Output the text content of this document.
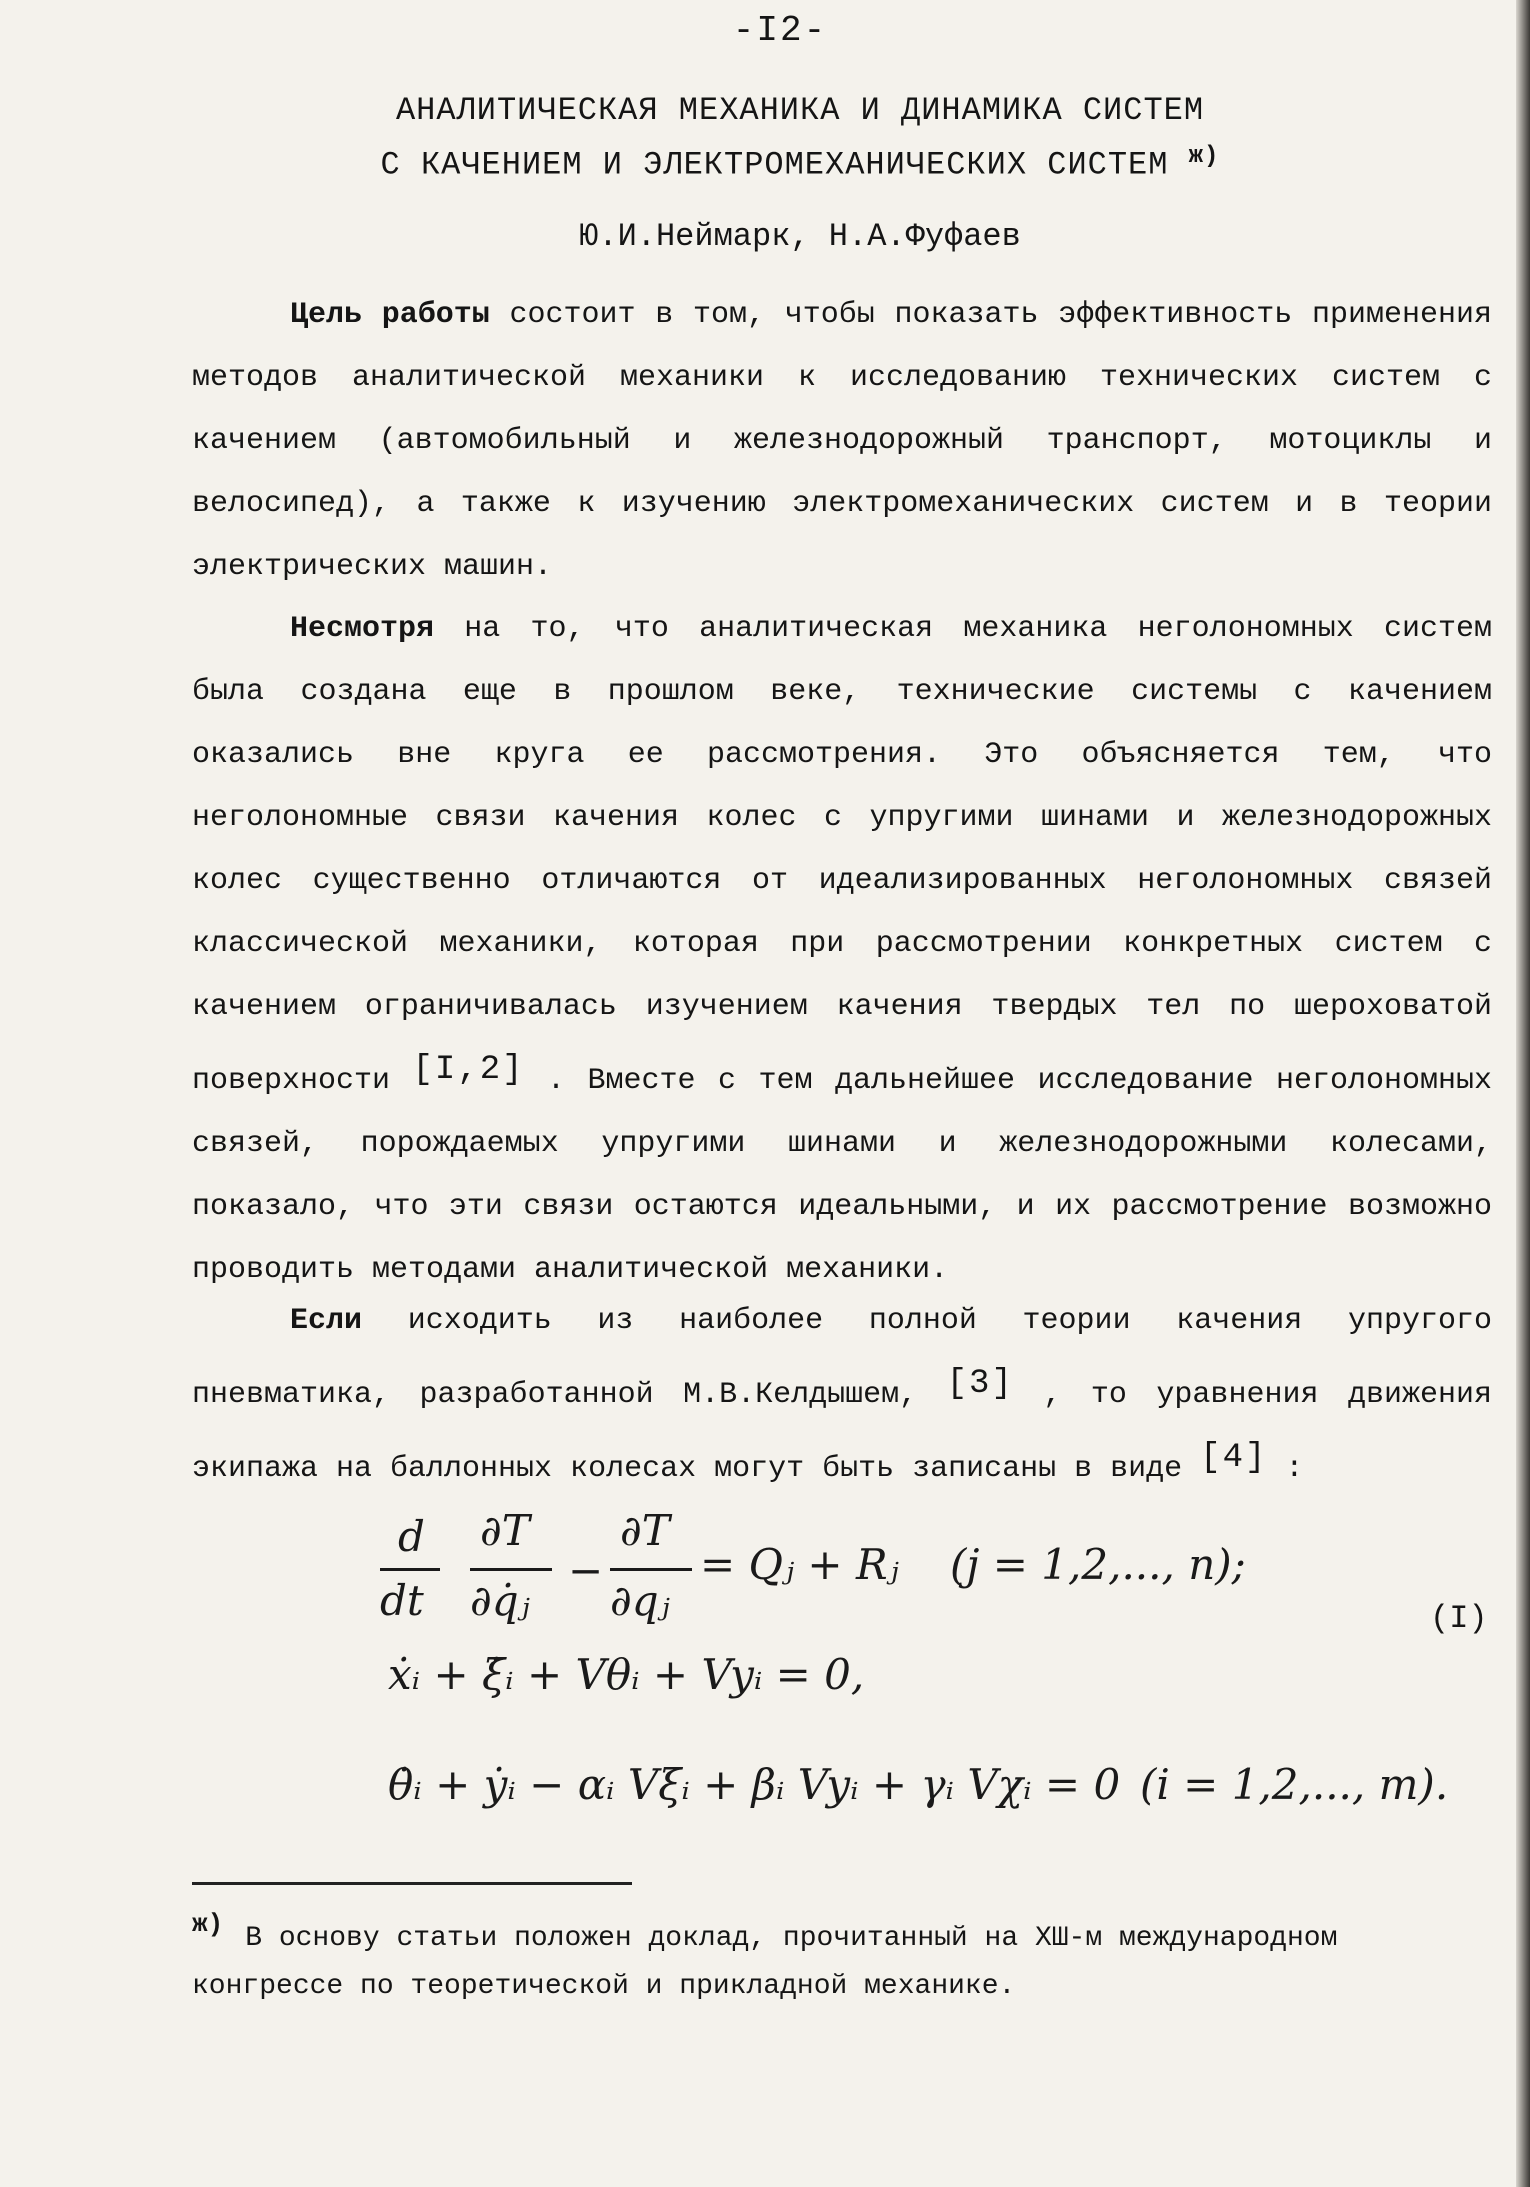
-I2-
АНАЛИТИЧЕСКАЯ МЕХАНИКА И ДИНАМИКА СИСТЕМ
С КАЧЕНИЕМ И ЭЛЕКТРОМЕХАНИЧЕСКИХ СИСТЕМ $^{ж)}$
Ю.И.Неймарк, Н.А.Фуфаев

Цель работы состоит в том, чтобы показать эффективность применения методов аналитической механики к исследованию технических систем с качением (автомобильный и железнодорожный транспорт, мотоциклы и велосипед), а также к изучению электромеханических систем и в теории электрических машин.

Несмотря на то, что аналитическая механика неголономных систем была создана еще в прошлом веке, технические системы с качением оказались вне круга ее рассмотрения. Это объясняется тем, что неголономные связи качения колес с упругими шинами и железнодорожных колес существенно отличаются от идеализированных неголономных связей классической механики, которая при рассмотрении конкретных систем с качением ограничивалась изучением качения твердых тел по шероховатой поверхности [I,2] . Вместе с тем дальнейшее исследование неголономных связей, порождаемых упругими шинами и железнодорожными колесами, показало, что эти связи остаются идеальными, и их рассмотрение возможно проводить методами аналитической механики.

Если исходить из наиболее полной теории качения упругого пневматика, разработанной М.В.Келдышем, [3] , то уравнения движения экипажа на баллонных колесах могут быть записаны в виде [4] :

d
dt
∂T
∂q̇ⱼ
−
∂T
∂qⱼ
= Qⱼ + Rⱼ (j = 1,2,..., n);
(I)
ẋᵢ + ξ̇ᵢ + Vθᵢ + Vyᵢ = 0,
θ̇ᵢ + ẏᵢ − αᵢ Vξᵢ + βᵢ Vyᵢ + γᵢ Vχᵢ = 0 (i = 1,2,..., m).
ж) В основу статьи положен доклад, прочитанный на ХШ-м международном
конгрессе по теоретической и прикладной механике.
